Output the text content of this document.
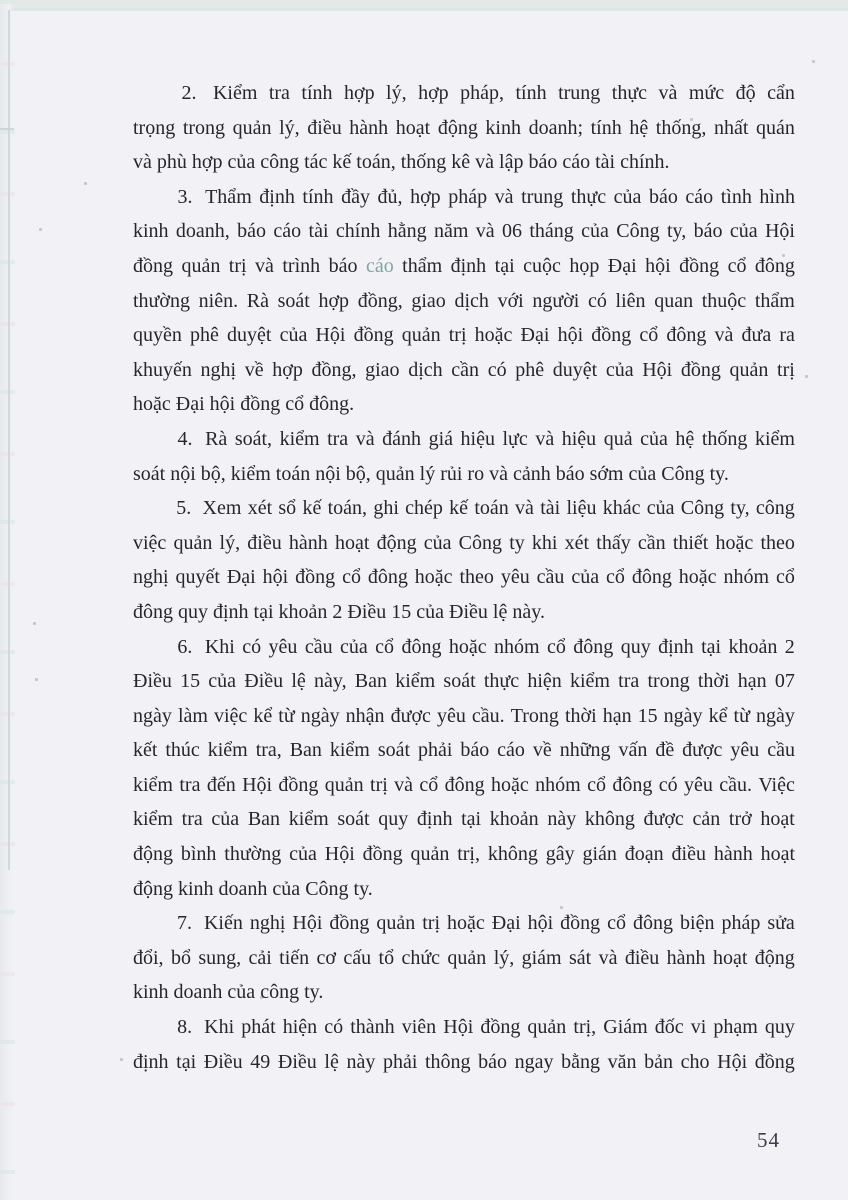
2. Kiểm tra tính hợp lý, hợp pháp, tính trung thực và mức độ cẩn
trọng trong quản lý, điều hành hoạt động kinh doanh; tính hệ thống, nhất quán
và phù hợp của công tác kế toán, thống kê và lập báo cáo tài chính.
3. Thẩm định tính đầy đủ, hợp pháp và trung thực của báo cáo tình hình
kinh doanh, báo cáo tài chính hằng năm và 06 tháng của Công ty, báo của Hội
đồng quản trị và trình báo cáo thẩm định tại cuộc họp Đại hội đồng cổ đông
thường niên. Rà soát hợp đồng, giao dịch với người có liên quan thuộc thẩm
quyền phê duyệt của Hội đồng quản trị hoặc Đại hội đồng cổ đông và đưa ra
khuyến nghị về hợp đồng, giao dịch cần có phê duyệt của Hội đồng quản trị
hoặc Đại hội đồng cổ đông.
4. Rà soát, kiểm tra và đánh giá hiệu lực và hiệu quả của hệ thống kiểm
soát nội bộ, kiểm toán nội bộ, quản lý rủi ro và cảnh báo sớm của Công ty.
5. Xem xét sổ kế toán, ghi chép kế toán và tài liệu khác của Công ty, công
việc quản lý, điều hành hoạt động của Công ty khi xét thấy cần thiết hoặc theo
nghị quyết Đại hội đồng cổ đông hoặc theo yêu cầu của cổ đông hoặc nhóm cổ
đông quy định tại khoản 2 Điều 15 của Điều lệ này.
6. Khi có yêu cầu của cổ đông hoặc nhóm cổ đông quy định tại khoản 2
Điều 15 của Điều lệ này, Ban kiểm soát thực hiện kiểm tra trong thời hạn 07
ngày làm việc kể từ ngày nhận được yêu cầu. Trong thời hạn 15 ngày kể từ ngày
kết thúc kiểm tra, Ban kiểm soát phải báo cáo về những vấn đề được yêu cầu
kiểm tra đến Hội đồng quản trị và cổ đông hoặc nhóm cổ đông có yêu cầu. Việc
kiểm tra của Ban kiểm soát quy định tại khoản này không được cản trở hoạt
động bình thường của Hội đồng quản trị, không gây gián đoạn điều hành hoạt
động kinh doanh của Công ty.
7. Kiến nghị Hội đồng quản trị hoặc Đại hội đồng cổ đông biện pháp sửa
đổi, bổ sung, cải tiến cơ cấu tổ chức quản lý, giám sát và điều hành hoạt động
kinh doanh của công ty.
8. Khi phát hiện có thành viên Hội đồng quản trị, Giám đốc vi phạm quy
định tại Điều 49 Điều lệ này phải thông báo ngay bằng văn bản cho Hội đồng
54
